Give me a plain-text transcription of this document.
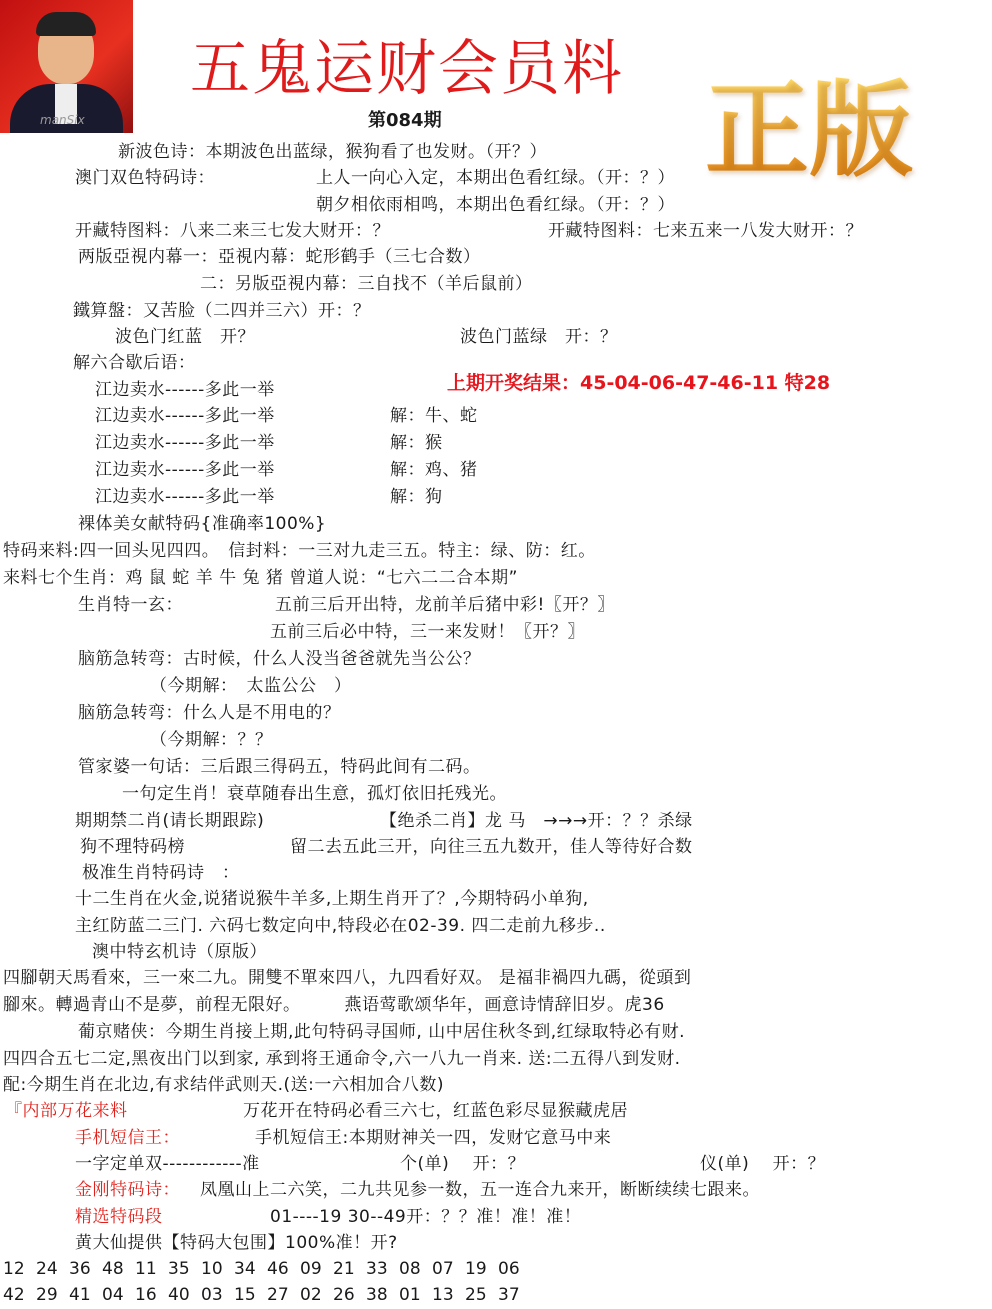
manSix
五鬼运财会员料
第084期	正版
新波色诗：本期波色出蓝绿，猴狗看了也发财。（开？）
澳门双色特码诗：	上人一向心入定，本期出色看红绿。（开：？）
朝夕相依雨相鸣，本期出色看红绿。（开：？）
开藏特图料：八来二来三七发大财开：？	开藏特图料：七来五来一八发大财开：？
两版亞視内幕一：亞視内幕：蛇形鹤手（三七合数）
二：另版亞視内幕：三自找不（羊后鼠前）
鐵算盤：又苦脸（二四并三六）开：？
波色门红蓝　开？	波色门蓝绿　开：？
解六合歇后语：
上期开奖结果：45-04-06-47-46-11 特28
江边卖水------多此一举
江边卖水------多此一举	解：牛、蛇
江边卖水------多此一举	解：猴
江边卖水------多此一举	解：鸡、猪
江边卖水------多此一举	解：狗
裸体美女献特码{准确率100%}
特码来料:四一回头见四四。　信封料：一三对九走三五。特主：绿、防：红。
来料七个生肖：鸡 鼠 蛇 羊 牛 兔 猪 曾道人说：“七六二二合本期”
生肖特一玄：	五前三后开出特，龙前羊后猪中彩!〖开？〗
五前三后必中特，三一来发财！〖开？〗
脑筋急转弯：古时候，什么人没当爸爸就先当公公？
（今期解：　太监公公　）
脑筋急转弯：什么人是不用电的？
（今期解：？？
管家婆一句话：三后跟三得码五，特码此间有二码。
一句定生肖！衰草随春出生意，孤灯依旧托残光。
期期禁二肖(请长期跟踪)	【绝杀二肖】龙 马　→→→开：？？杀绿
狗不理特码榜	留二去五此三开，向往三五九数开，佳人等待好合数
极准生肖特码诗　：
十二生肖在火金,说猪说猴牛羊多,上期生肖开了？,今期特码小单狗,
主红防蓝二三门. 六码七数定向中,特段必在02-39. 四二走前九移步..
澳中特玄机诗（原版）
四腳朝天馬看來，三一來二九。開雙不單來四八，九四看好双。 是福非禍四九碼，從頭到
腳來。轉過青山不是夢，前程无限好。　　　燕语莺歌颂华年，画意诗情辞旧岁。虎36
葡京赌侠：今期生肖接上期,此句特码寻国师, 山中居住秋冬到,红绿取特必有财.
四四合五七二定,黑夜出门以到家, 承到将王通命令,六一八九一肖来. 送:二五得八到发财.
配:今期生肖在北边,有求结伴武则天.(送:一六相加合八数)
『内部万花来料	万花开在特码必看三六七，红蓝色彩尽显猴藏虎居
手机短信王：	手机短信王:本期财神关一四，发财它意马中来
一字定单双------------准	个(单)　 开：？	仪(单)　 开：？
金刚特码诗： 凤凰山上二六笑，二九共见参一数，五一连合九来开，断断续续七跟来。
精选特码段	01----19 30--49开：？？准！准！准！
黄大仙提供【特码大包围】100%准！开?
12 24 36 48 11 35 10 34 46 09 21 33 08 07 19 06
42 29 41 04 16 40 03 15 27 02 26 38 01 13 25 37
